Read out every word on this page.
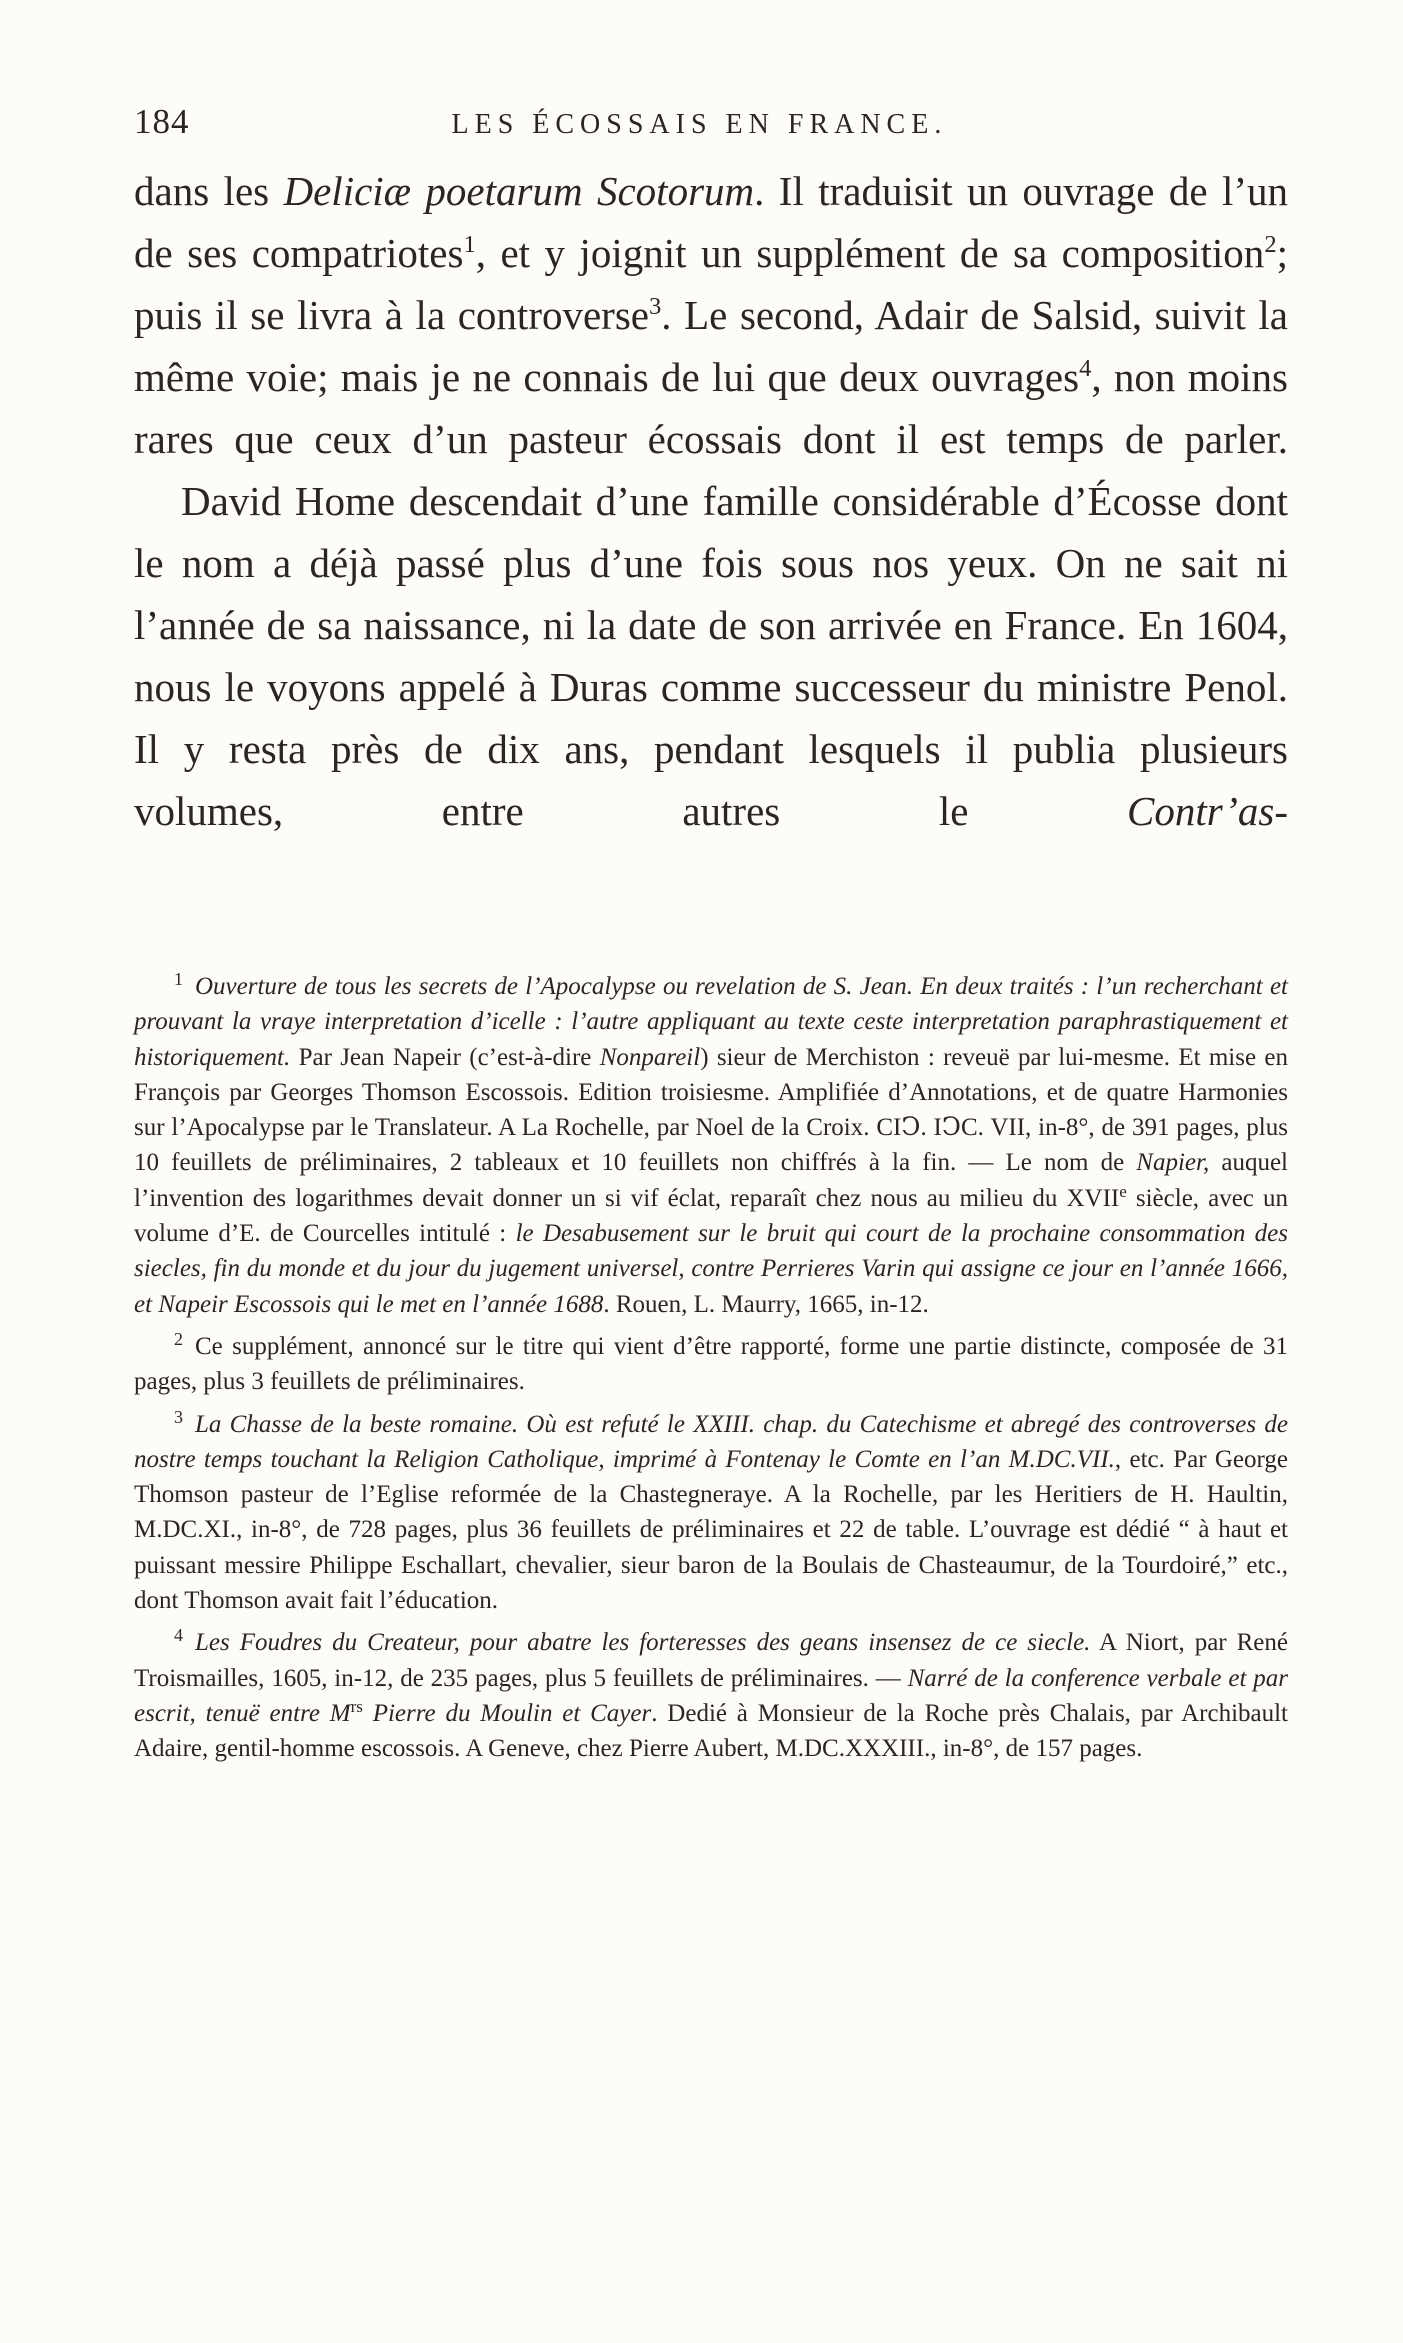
184	LES ÉCOSSAIS EN FRANCE.

dans les Deliciæ poetarum Scotorum. Il traduisit un ouvrage de l’un de ses compatriotes$^1$, et y joignit un supplément de sa composition$^2$; puis il se livra à la controverse$^3$. Le second, Adair de Salsid, suivit la même voie; mais je ne connais de lui que deux ouvrages$^4$, non moins rares que ceux d’un pasteur écossais dont il est temps de parler.

David Home descendait d’une famille considérable d’Écosse dont le nom a déjà passé plus d’une fois sous nos yeux. On ne sait ni l’année de sa naissance, ni la date de son arrivée en France. En 1604, nous le voyons appelé à Duras comme successeur du ministre Penol. Il y resta près de dix ans, pendant lesquels il publia plusieurs volumes, entre autres le Contr’as-

$^1$ Ouverture de tous les secrets de l’Apocalypse ou revelation de S. Jean. En deux traités : l’un recherchant et prouvant la vraye interpretation d’icelle : l’autre appliquant au texte ceste interpretation paraphrastiquement et historiquement. Par Jean Napeir (c’est-à-dire Nonpareil) sieur de Merchiston : reveuë par lui-mesme. Et mise en François par Georges Thomson Escossois. Edition troisiesme. Amplifiée d’Annotations, et de quatre Harmonies sur l’Apocalypse par le Translateur. A La Rochelle, par Noel de la Croix. CIↃ. IↃC. VII, in-8°, de 391 pages, plus 10 feuillets de préliminaires, 2 tableaux et 10 feuillets non chiffrés à la fin. — Le nom de Napier, auquel l’invention des logarithmes devait donner un si vif éclat, reparaît chez nous au milieu du XVIIe siècle, avec un volume d’E. de Courcelles intitulé : le Desabusement sur le bruit qui court de la prochaine consommation des siecles, fin du monde et du jour du jugement universel, contre Perrieres Varin qui assigne ce jour en l’année 1666, et Napeir Escossois qui le met en l’année 1688. Rouen, L. Maurry, 1665, in-12.

$^2$ Ce supplément, annoncé sur le titre qui vient d’être rapporté, forme une partie distincte, composée de 31 pages, plus 3 feuillets de préliminaires.

$^3$ La Chasse de la beste romaine. Où est refuté le XXIII. chap. du Catechisme et abregé des controverses de nostre temps touchant la Religion Catholique, imprimé à Fontenay le Comte en l’an M.DC.VII., etc. Par George Thomson pasteur de l’Eglise reformée de la Chastegneraye. A la Rochelle, par les Heritiers de H. Haultin, M.DC.XI., in-8°, de 728 pages, plus 36 feuillets de préliminaires et 22 de table. L’ouvrage est dédié “ à haut et puissant messire Philippe Eschallart, chevalier, sieur baron de la Boulais de Chasteaumur, de la Tourdoiré,” etc., dont Thomson avait fait l’éducation.

$^4$ Les Foudres du Createur, pour abatre les forteresses des geans insensez de ce siecle. A Niort, par René Troismailles, 1605, in-12, de 235 pages, plus 5 feuillets de préliminaires. — Narré de la conference verbale et par escrit, tenuë entre $M^{rs}$ Pierre du Moulin et Cayer. Dedié à Monsieur de la Roche près Chalais, par Archibault Adaire, gentil-homme escossois. A Geneve, chez Pierre Aubert, M.DC.XXXIII., in-8°, de 157 pages.
